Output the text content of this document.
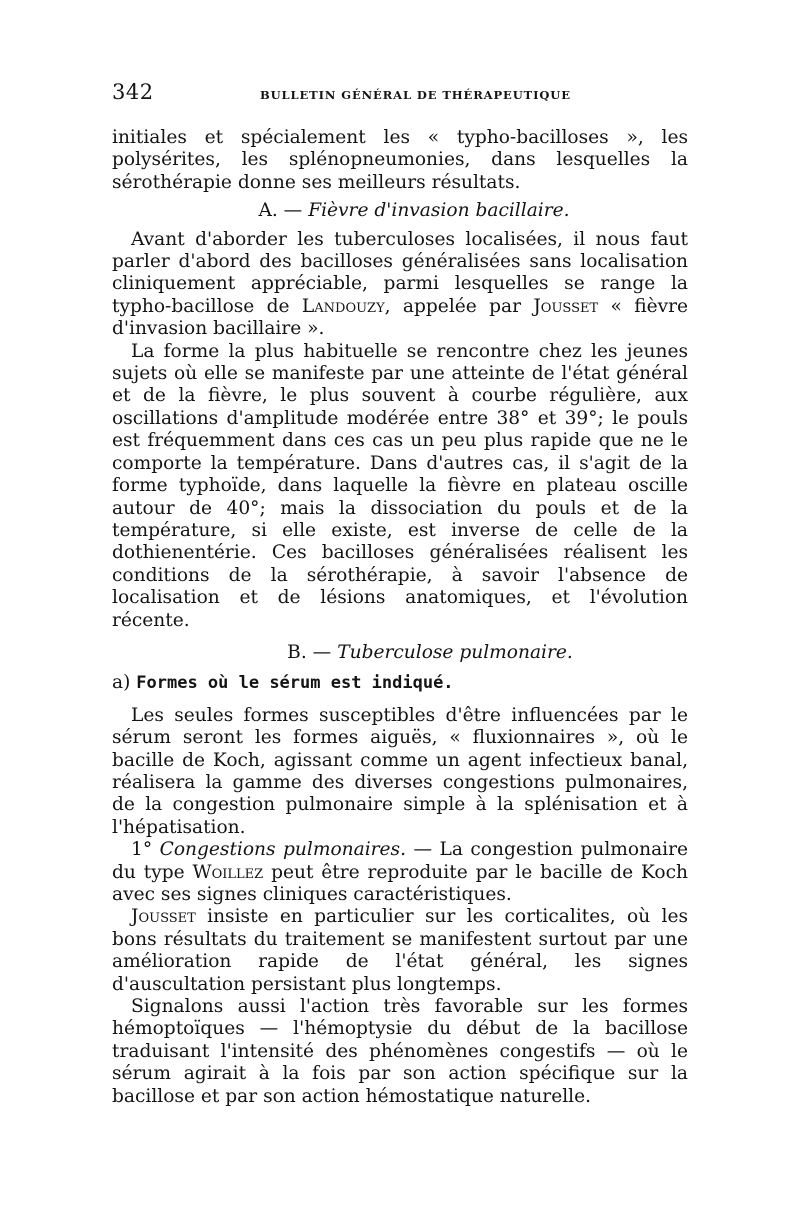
342	BULLETIN GÉNÉRAL DE THÉRAPEUTIQUE

initiales et spécialement les « typho-bacilloses », les polysérites, les splénopneumonies, dans lesquelles la sérothérapie donne ses meilleurs résultats.

A. — Fièvre d'invasion bacillaire.

Avant d'aborder les tuberculoses localisées, il nous faut parler d'abord des bacilloses généralisées sans localisation cliniquement appréciable, parmi lesquelles se range la typho-bacillose de Landouzy, appelée par Jousset « fièvre d'invasion bacillaire ».

La forme la plus habituelle se rencontre chez les jeunes sujets où elle se manifeste par une atteinte de l'état général et de la fièvre, le plus souvent à courbe régulière, aux oscillations d'amplitude modérée entre 38° et 39°; le pouls est fréquemment dans ces cas un peu plus rapide que ne le comporte la température. Dans d'autres cas, il s'agit de la forme typhoïde, dans laquelle la fièvre en plateau oscille autour de 40°; mais la dissociation du pouls et de la température, si elle existe, est inverse de celle de la dothienentérie. Ces bacilloses généralisées réalisent les conditions de la sérothérapie, à savoir l'absence de localisation et de lésions anatomiques, et l'évolution récente.

B. — Tuberculose pulmonaire.

a) Formes où le sérum est indiqué.

Les seules formes susceptibles d'être influencées par le sérum seront les formes aiguës, « fluxionnaires », où le bacille de Koch, agissant comme un agent infectieux banal, réalisera la gamme des diverses congestions pulmonaires, de la congestion pulmonaire simple à la splénisation et à l'hépatisation.

1° Congestions pulmonaires. — La congestion pulmonaire du type Woillez peut être reproduite par le bacille de Koch avec ses signes cliniques caractéristiques.

Jousset insiste en particulier sur les corticalites, où les bons résultats du traitement se manifestent surtout par une amélioration rapide de l'état général, les signes d'auscultation persistant plus longtemps.

Signalons aussi l'action très favorable sur les formes hémoptoïques — l'hémoptysie du début de la bacillose traduisant l'intensité des phénomènes congestifs — où le sérum agirait à la fois par son action spécifique sur la bacillose et par son action hémostatique naturelle.
